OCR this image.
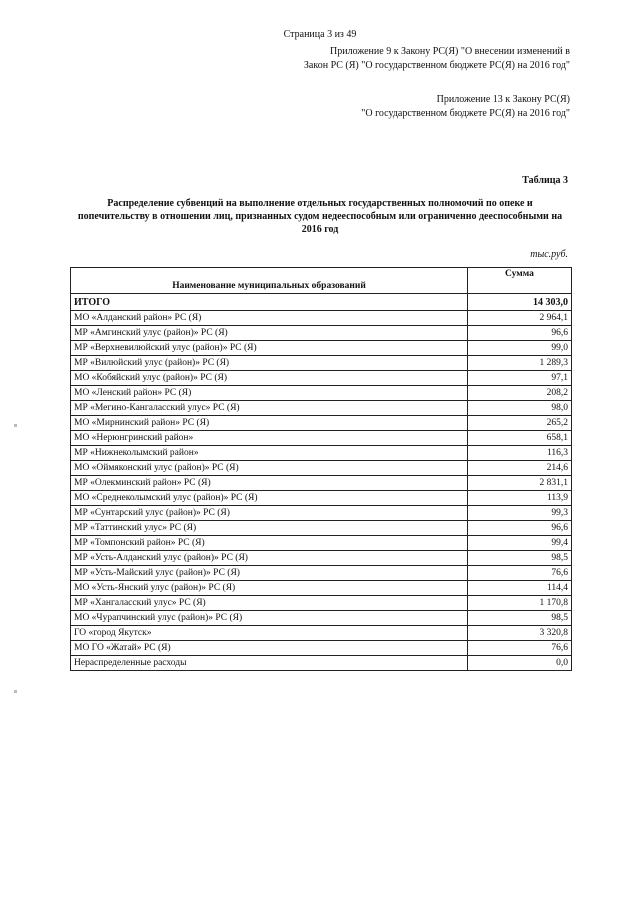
Страница 3 из 49
Приложение 9 к Закону РС(Я) "О внесении изменений в
Закон РС (Я) "О государственном бюджете РС(Я) на 2016 год"
Приложение 13 к Закону РС(Я)
"О государственном бюджете РС(Я) на 2016 год"
Таблица 3
Распределение субвенций на выполнение отдельных государственных полномочий по опеке и
попечительству в отношении лиц, признанных судом недееспособным или ограниченно дееспособными на
2016 год
тыс.руб.
Наименование муниципальных образований	Сумма
ИТОГО	14 303,0
МО «Алданский район» РС (Я)	2 964,1
МР «Амгинский улус (район)» РС (Я)	96,6
МР «Верхневилюйский улус (район)» РС (Я)	99,0
МР «Вилюйский улус (район)» РС (Я)	1 289,3
МО «Кобяйский улус (район)» РС (Я)	97,1
МО «Ленский район» РС (Я)	208,2
МР «Мегино-Кангаласский улус» РС (Я)	98,0
МО «Мирнинский район» РС (Я)	265,2
МО «Нерюнгринский район»	658,1
МР «Нижнеколымский район»	116,3
МО «Оймяконский улус (район)» РС (Я)	214,6
МР «Олекминский район» РС (Я)	2 831,1
МО «Среднеколымский улус (район)» РС (Я)	113,9
МР «Сунтарский улус (район)» РС (Я)	99,3
МР «Таттинский улус» РС (Я)	96,6
МР «Томпонский район» РС (Я)	99,4
МР «Усть-Алданский улус (район)» РС (Я)	98,5
МР «Усть-Майский улус (район)» РС (Я)	76,6
МО «Усть-Янский улус (район)» РС (Я)	114,4
МР «Хангаласский улус» РС (Я)	1 170,8
МО «Чурапчинский улус (район)» РС (Я)	98,5
ГО «город Якутск»	3 320,8
МО ГО «Жатай» РС (Я)	76,6
Нераспределенные расходы	0,0
